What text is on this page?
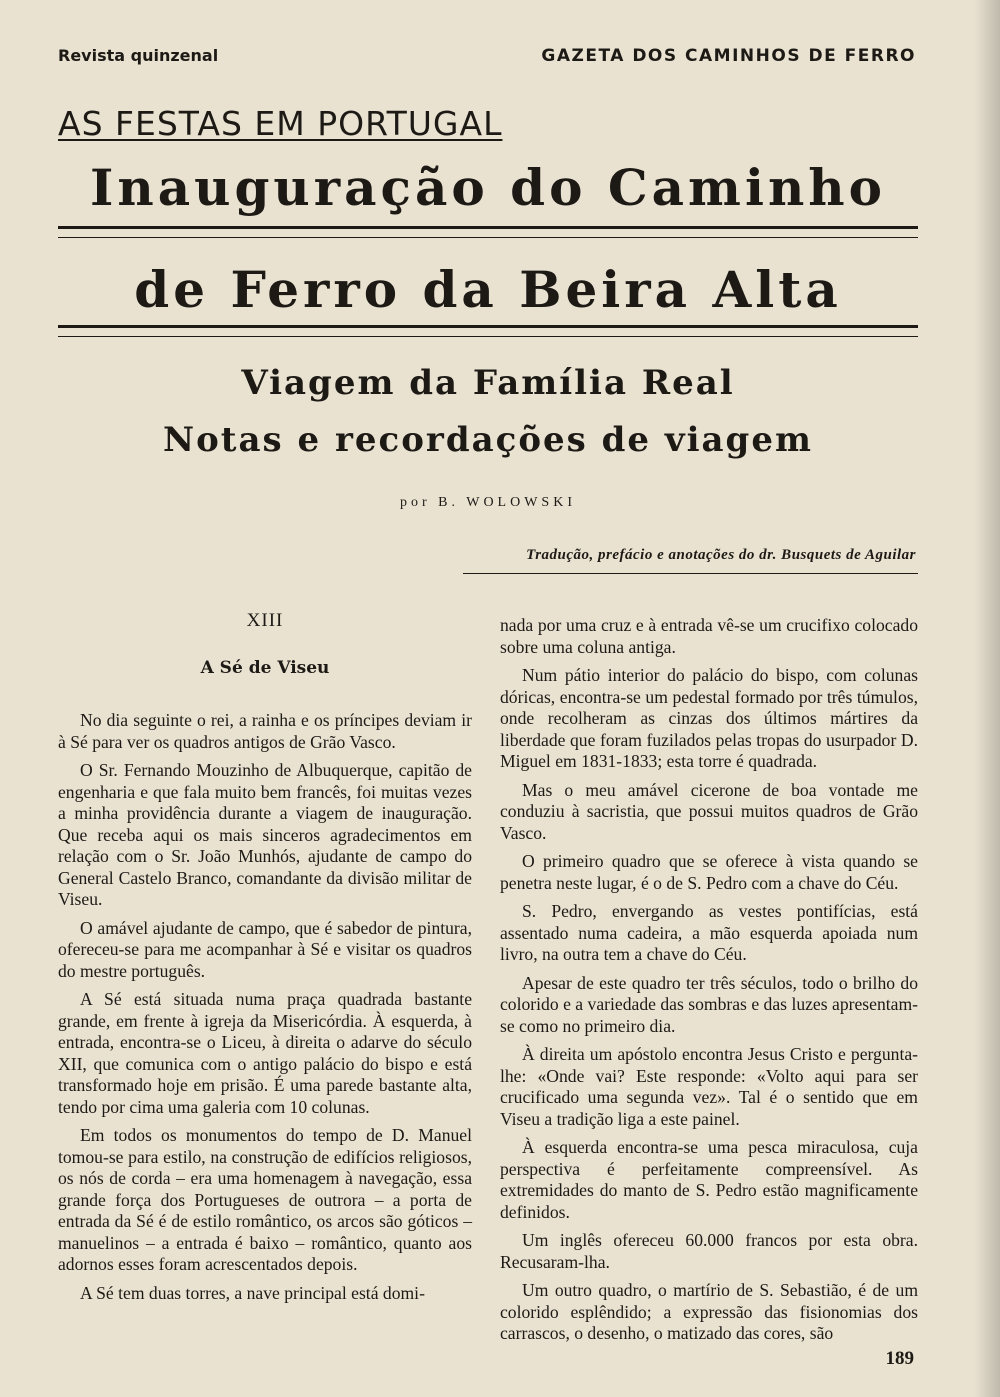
Revista quinzenal	GAZETA DOS CAMINHOS DE FERRO
AS FESTAS EM PORTUGAL
Inauguração do Caminho
de Ferro da Beira Alta
Viagem da Família Real
Notas e recordações de viagem
por B. WOLOWSKI
Tradução, prefácio e anotações do dr. Busquets de Aguilar
XIII
A Sé de Viseu

No dia seguinte o rei, a rainha e os príncipes deviam ir à Sé para ver os quadros antigos de Grão Vasco.

O Sr. Fernando Mouzinho de Albuquerque, capitão de engenharia e que fala muito bem francês, foi muitas vezes a minha providência durante a viagem de inauguração. Que receba aqui os mais sinceros agradecimentos em relação com o Sr. João Munhós, ajudante de campo do General Castelo Branco, comandante da divisão militar de Viseu.

O amável ajudante de campo, que é sabedor de pintura, ofereceu-se para me acompanhar à Sé e visitar os quadros do mestre português.

A Sé está situada numa praça quadrada bastante grande, em frente à igreja da Misericórdia. À esquerda, à entrada, encontra-se o Liceu, à direita o adarve do século XII, que comunica com o antigo palácio do bispo e está transformado hoje em prisão. É uma parede bastante alta, tendo por cima uma galeria com 10 colunas.

Em todos os monumentos do tempo de D. Manuel tomou-se para estilo, na construção de edifícios religiosos, os nós de corda – era uma homenagem à navegação, essa grande força dos Portugueses de outrora – a porta de entrada da Sé é de estilo romântico, os arcos são góticos – manuelinos – a entrada é baixo – romântico, quanto aos adornos esses foram acrescentados depois.

A Sé tem duas torres, a nave principal está domi-

nada por uma cruz e à entrada vê-se um crucifixo colocado sobre uma coluna antiga.

Num pátio interior do palácio do bispo, com colunas dóricas, encontra-se um pedestal formado por três túmulos, onde recolheram as cinzas dos últimos mártires da liberdade que foram fuzilados pelas tropas do usurpador D. Miguel em 1831-1833; esta torre é quadrada.

Mas o meu amável cicerone de boa vontade me conduziu à sacristia, que possui muitos quadros de Grão Vasco.

O primeiro quadro que se oferece à vista quando se penetra neste lugar, é o de S. Pedro com a chave do Céu.

S. Pedro, envergando as vestes pontifícias, está assentado numa cadeira, a mão esquerda apoiada num livro, na outra tem a chave do Céu.

Apesar de este quadro ter três séculos, todo o brilho do colorido e a variedade das sombras e das luzes apresentam-se como no primeiro dia.

À direita um apóstolo encontra Jesus Cristo e pergunta-lhe: «Onde vai? Este responde: «Volto aqui para ser crucificado uma segunda vez». Tal é o sentido que em Viseu a tradição liga a este painel.

À esquerda encontra-se uma pesca miraculosa, cuja perspectiva é perfeitamente compreensível. As extremidades do manto de S. Pedro estão magnificamente definidos.

Um inglês ofereceu 60.000 francos por esta obra. Recusaram-lha.

Um outro quadro, o martírio de S. Sebastião, é de um colorido esplêndido; a expressão das fisionomias dos carrascos, o desenho, o matizado das cores, são

189
